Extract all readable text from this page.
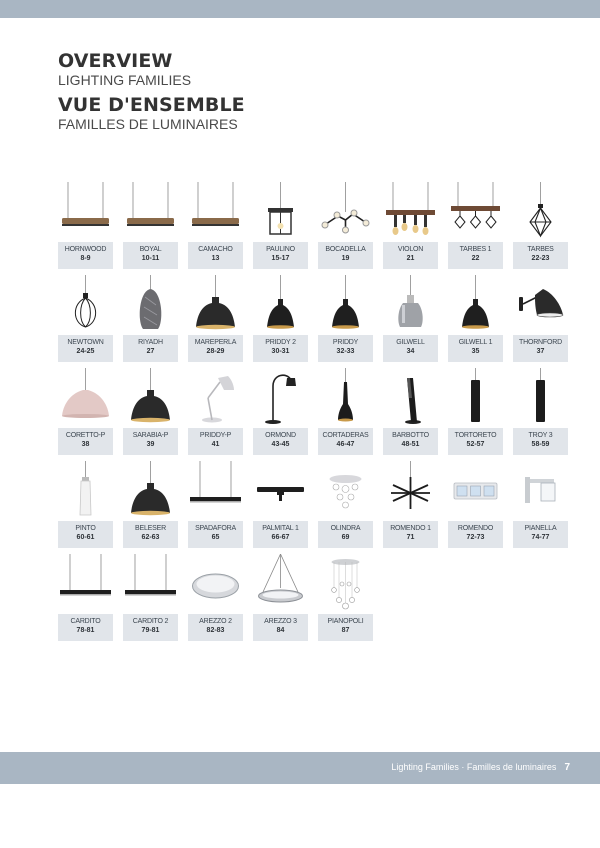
OVERVIEW
LIGHTING FAMILIES
VUE D'ENSEMBLE
FAMILLES DE LUMINAIRES
HORNWOOD
8-9
BOYAL
10-11
CAMACHO
13
PAULINO
15-17
BOCADELLA
19
VIOLON
21
TARBES 1
22
TARBES
22-23
NEWTOWN
24-25
RIYADH
27
MAREPERLA
28-29
PRIDDY 2
30-31
PRIDDY
32-33
GILWELL
34
GILWELL 1
35
THORNFORD
37
CORETTO-P
38
SARABIA-P
39
PRIDDY-P
41
ORMOND
43-45
CORTADERAS
46-47
BARBOTTO
48-51
TORTORETO
52-57
TROY 3
58-59
PINTO
60-61
BELESER
62-63
SPADAFORA
65
PALMITAL 1
66-67
OLINDRA
69
ROMENDO 1
71
ROMENDO
72-73
PIANELLA
74-77
CARDITO
78-81
CARDITO 2
79-81
AREZZO 2
82-83
AREZZO 3
84
PIANOPOLI
87
Lighting Families · Familles de luminaires 7
